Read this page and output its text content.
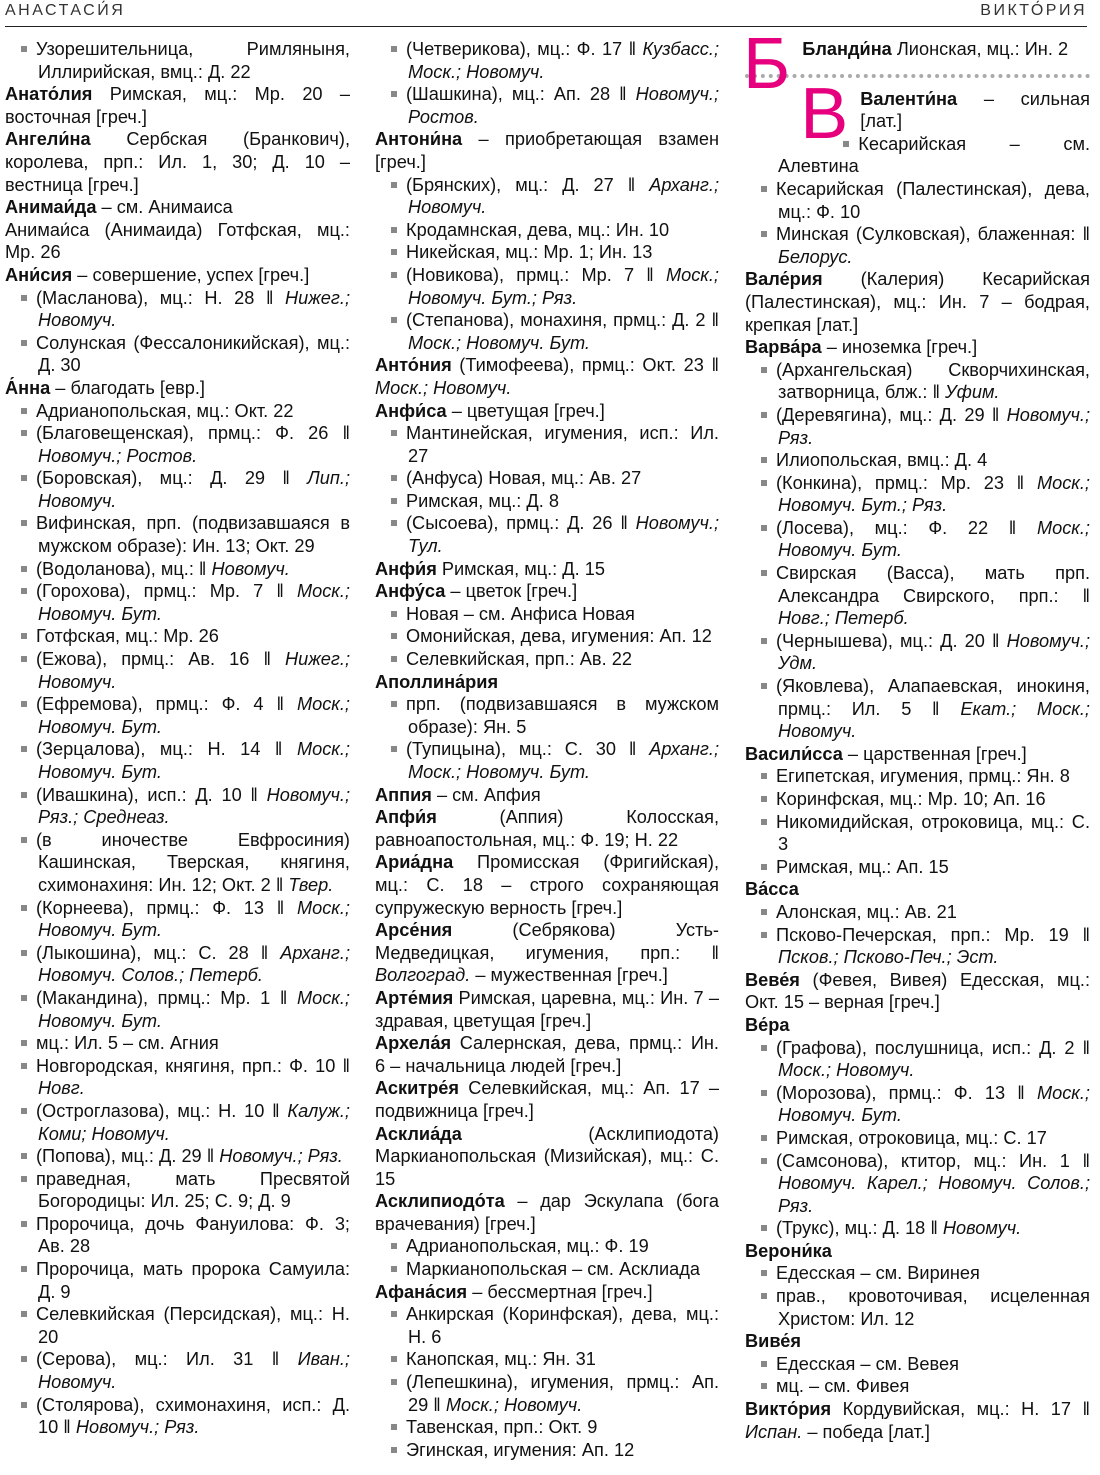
АНАСТАСИ́Я	ВИКТО́РИЯ
Узорешительница, Римляныня, Иллирийская, вмц.: Д. 22
Анато́лия Римская, мц.: Мр. 20 – восточная [греч.]
Ангели́на Сербская (Бранкович), королева, прп.: Ил. 1, 30; Д. 10 – вестница [греч.]
Анимаи́да – см. Анимаиса
Анимаи́са (Анимаида) Готфская, мц.: Мр. 26
Ани́сия – совершение, успех [греч.]
(Масланова), мц.: Н. 28 ‖ Нижег.; Новомуч.
Солунская (Фессалоникийская), мц.: Д. 30
А́нна – благодать [евр.]
Адрианопольская, мц.: Окт. 22
(Благовещенская), прмц.: Ф. 26 ‖ Новомуч.; Ростов.
(Боровская), мц.: Д. 29 ‖ Лип.; Новомуч.
Вифинская, прп. (подвизавшаяся в мужском образе): Ин. 13; Окт. 29
(Водоланова), мц.: ‖ Новомуч.
(Горохова), прмц.: Мр. 7 ‖ Моск.; Новомуч. Бут.
Готфская, мц.: Мр. 26
(Ежова), прмц.: Ав. 16 ‖ Нижег.; Новомуч.
(Ефремова), прмц.: Ф. 4 ‖ Моск.; Новомуч. Бут.
(Зерцалова), мц.: Н. 14 ‖ Моск.; Новомуч. Бут.
(Ивашкина), исп.: Д. 10 ‖ Новомуч.; Ряз.; Среднеаз.
(в иночестве Евфросиния) Кашинская, Тверская, княгиня, схимонахиня: Ин. 12; Окт. 2 ‖ Твер.
(Корнеева), прмц.: Ф. 13 ‖ Моск.; Новомуч. Бут.
(Лыкошина), мц.: С. 28 ‖ Арханг.; Новомуч. Солов.; Петерб.
(Макандина), прмц.: Мр. 1 ‖ Моск.; Новомуч. Бут.
мц.: Ил. 5 – см. Агния
Новгородская, княгиня, прп.: Ф. 10 ‖ Новг.
(Остроглазова), мц.: Н. 10 ‖ Калуж.; Коми; Новомуч.
(Попова), мц.: Д. 29 ‖ Новомуч.; Ряз.
праведная, мать Пресвятой Богородицы: Ил. 25; С. 9; Д. 9
Пророчица, дочь Фануилова: Ф. 3; Ав. 28
Пророчица, мать пророка Самуила: Д. 9
Селевкийская (Персидская), мц.: Н. 20
(Серова), мц.: Ил. 31 ‖ Иван.; Новомуч.
(Столярова), схимонахиня, исп.: Д. 10 ‖ Новомуч.; Ряз.
(Четверикова), мц.: Ф. 17 ‖ Кузбасс.; Моск.; Новомуч.
(Шашкина), мц.: Ап. 28 ‖ Новомуч.; Ростов.
Антони́на – приобретающая взамен [греч.]
(Брянских), мц.: Д. 27 ‖ Арханг.; Новомуч.
Кродамнская, дева, мц.: Ин. 10
Никейская, мц.: Мр. 1; Ин. 13
(Новикова), прмц.: Мр. 7 ‖ Моск.; Новомуч. Бут.; Ряз.
(Степанова), монахиня, прмц.: Д. 2 ‖ Моск.; Новомуч. Бут.
Анто́ния (Тимофеева), прмц.: Окт. 23 ‖ Моск.; Новомуч.
Анфи́са – цветущая [греч.]
Мантинейская, игумения, исп.: Ил. 27
(Анфуса) Новая, мц.: Ав. 27
Римская, мц.: Д. 8
(Сысоева), прмц.: Д. 26 ‖ Новомуч.; Тул.
Анфи́я Римская, мц.: Д. 15
Анфу́са – цветок [греч.]
Новая – см. Анфиса Новая
Омонийская, дева, игумения: Ап. 12
Селевкийская, прп.: Ав. 22
Аполлина́рия
прп. (подвизавшаяся в мужском образе): Ян. 5
(Тупицына), мц.: С. 30 ‖ Арханг.; Моск.; Новомуч. Бут.
Аппия – см. Апфия
Апфи́я (Аппия) Колосская, равноапостольная, мц.: Ф. 19; Н. 22
Ариа́дна Промисская (Фригийская), мц.: С. 18 – строго сохраняющая супружескую верность [греч.]
Арсе́ния (Себрякова) Усть-Медведицкая, игумения, прп.: ‖ Волгоград. – мужественная [греч.]
Арте́мия Римская, царевна, мц.: Ин. 7 – здравая, цветущая [греч.]
Архела́я Салернская, дева, прмц.: Ин. 6 – начальница людей [греч.]
Аскитре́я Селевкийская, мц.: Ап. 17 – подвижница [греч.]
Асклиа́да (Асклипиодота) Маркианопольская (Мизийская), мц.: С. 15
Асклипиодо́та – дар Эскулапа (бога врачевания) [греч.]
Адрианопольская, мц.: Ф. 19
Маркианопольская – см. Асклиада
Афана́сия – бессмертная [греч.]
Анкирская (Коринфская), дева, мц.: Н. 6
Канопская, мц.: Ян. 31
(Лепешкина), игумения, прмц.: Ап. 29 ‖ Моск.; Новомуч.
Тавенская, прп.: Окт. 9
Эгинская, игумения: Ап. 12
Б Бланди́на Лионская, мц.: Ин. 2
В Валенти́на – сильная [лат.]
Кесарийская – см. Алевтина
Кесарийская (Палестинская), дева, мц.: Ф. 10
Минская (Сулковская), блаженная: ‖ Белорус.
Вале́рия (Калерия) Кесарийская (Палестинская), мц.: Ин. 7 – бодрая, крепкая [лат.]
Варва́ра – иноземка [греч.]
(Архангельская) Скворчихинская, затворница, блж.: ‖ Уфим.
(Деревягина), мц.: Д. 29 ‖ Новомуч.; Ряз.
Илиопольская, вмц.: Д. 4
(Конкина), прмц.: Мр. 23 ‖ Моск.; Новомуч. Бут.; Ряз.
(Лосева), мц.: Ф. 22 ‖ Моск.; Новомуч. Бут.
Свирская (Васса), мать прп. Александра Свирского, прп.: ‖ Новг.; Петерб.
(Чернышева), мц.: Д. 20 ‖ Новомуч.; Удм.
(Яковлева), Алапаевская, инокиня, прмц.: Ил. 5 ‖ Екат.; Моск.; Новомуч.
Васили́сса – царственная [греч.]
Египетская, игумения, прмц.: Ян. 8
Коринфская, мц.: Мр. 10; Ап. 16
Никомидийская, отроковица, мц.: С. 3
Римская, мц.: Ап. 15
Ва́сса
Алонская, мц.: Ав. 21
Псково-Печерская, прп.: Мр. 19 ‖ Псков.; Псково-Печ.; Эст.
Веве́я (Февея, Вивея) Едесская, мц.: Окт. 15 – верная [греч.]
Ве́ра
(Графова), послушница, исп.: Д. 2 ‖ Моск.; Новомуч.
(Морозова), прмц.: Ф. 13 ‖ Моск.; Новомуч. Бут.
Римская, отроковица, мц.: С. 17
(Самсонова), ктитор, мц.: Ин. 1 ‖ Новомуч. Карел.; Новомуч. Солов.; Ряз.
(Трукс), мц.: Д. 18 ‖ Новомуч.
Верони́ка
Едесская – см. Виринея
прав., кровоточивая, исцеленная Христом: Ил. 12
Виве́я
Едесская – см. Вевея
мц. – см. Фивея
Викто́рия Кордувийская, мц.: Н. 17 ‖ Испан. – победа [лат.]
